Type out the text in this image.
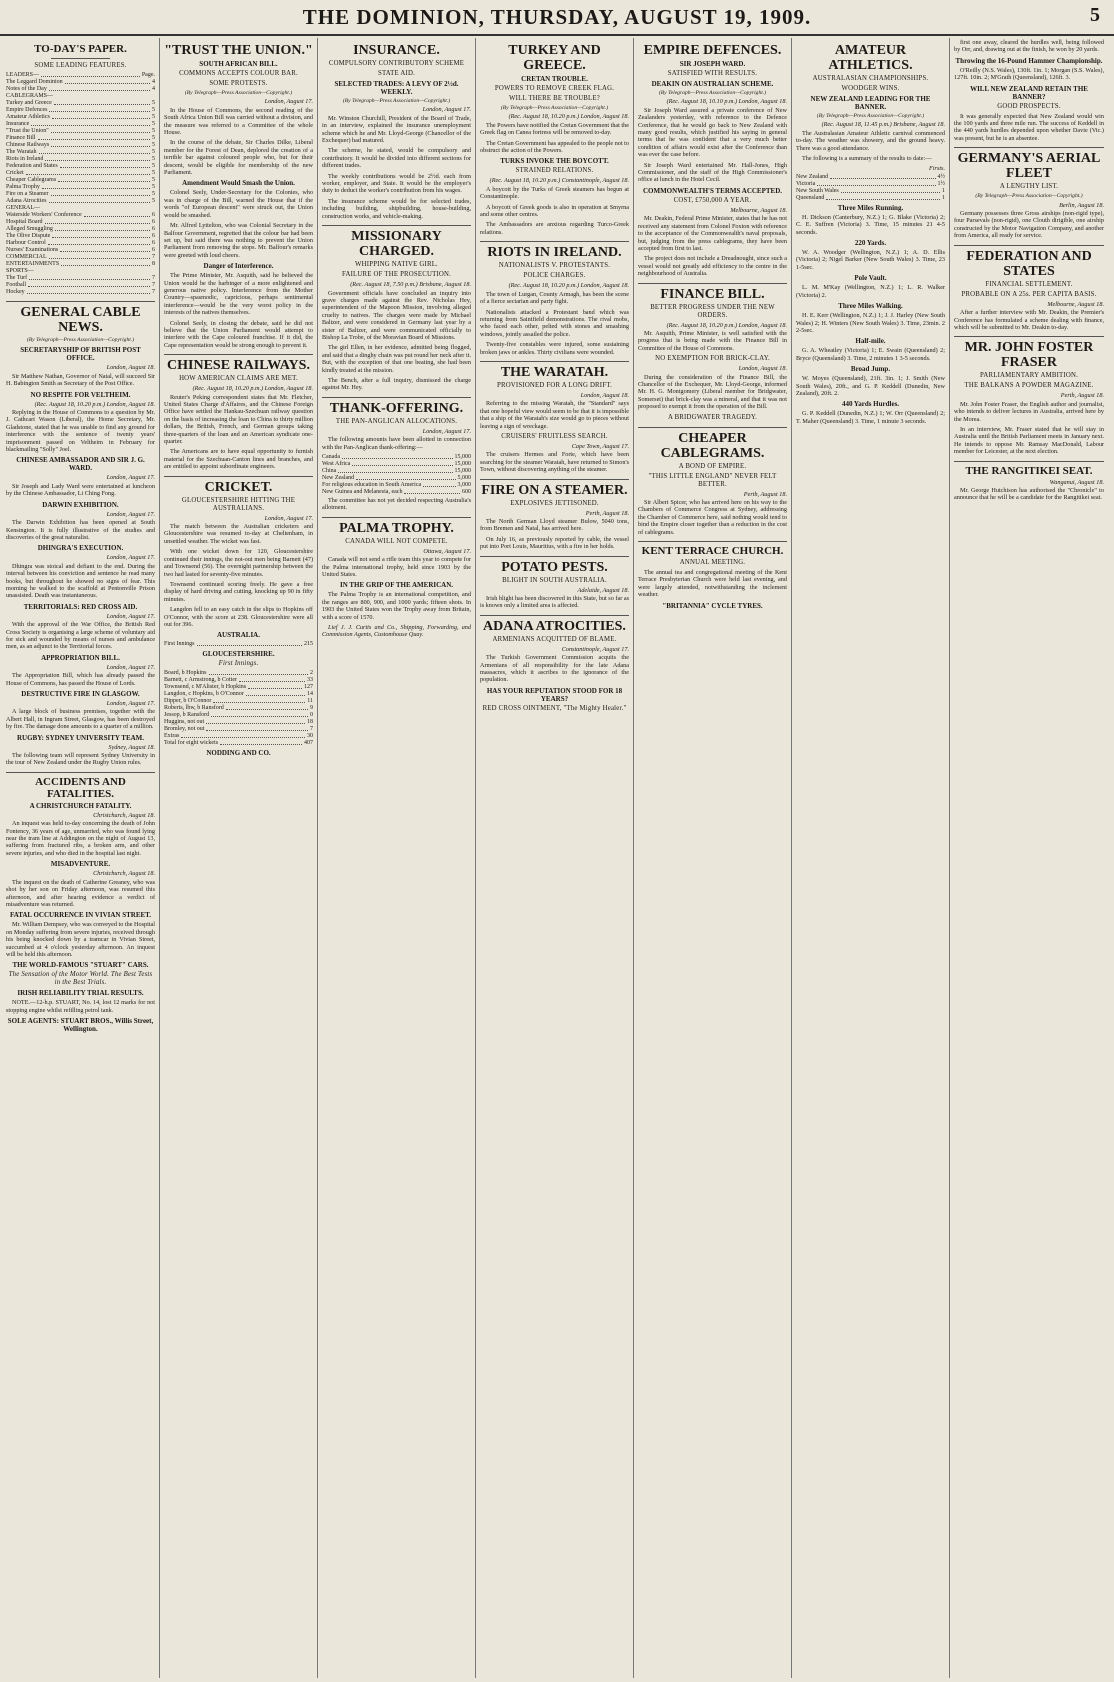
THE DOMINION, THURSDAY, AUGUST 19, 1909.	5
TO-DAY'S PAPER.
SOME LEADING FEATURES.
LEADERS—	Page.
The Leggard Dominion	4
Notes of the Day	4
CABLEGRAMS—
Turkey and Greece	5
Empire Defences	5
Amateur Athletics	5
Insurance	5
"Trust the Union"	5
Finance Bill	5
Chinese Railways	5
The Waratah	5
Riots in Ireland	5
Federation and States	5
Cricket	5
Cheaper Cablegrams	5
Palma Trophy	5
Fire on a Steamer	5
Adana Atrocities	5
GENERAL—
Waterside Workers' Conference	6
Hospital Board	6
Alleged Smuggling	6
The Olive Dispute	6
Harbour Control	6
Nurses' Examinations	6
COMMERCIAL	7
ENTERTAINMENTS	8
SPORTS—
The Turf	7
Football	7
Hockey	7
GENERAL CABLE NEWS.
(By Telegraph—Press Association—Copyright.)
SECRETARYSHIP OF BRITISH POST OFFICE.
London, August 18.
Sir Matthew Nathan, Governor of Natal, will succeed Sir H. Babington Smith as Secretary of the Post Office.
NO RESPITE FOR VELTHEIM.
(Rec. August 18, 10.20 p.m.) London, August 18.
Replying in the House of Commons to a question by Mr. J. Cathcart Wason (Liberal), the Home Secretary, Mr. Gladstone, stated that he was unable to find any ground for interference with the sentence of twenty years' imprisonment passed on Veltheim in February for blackmailing "Solly" Joel.
CHINESE AMBASSADOR AND SIR J. G. WARD.
London, August 17.
Sir Joseph and Lady Ward were entertained at luncheon by the Chinese Ambassador, Li Ching Fong.
DARWIN EXHIBITION.
London, August 17.
The Darwin Exhibition has been opened at South Kensington. It is fully illustrative of the studies and discoveries of the great naturalist.
DHINGRA'S EXECUTION.
London, August 17.
Dhingra was stoical and defiant to the end. During the interval between his conviction and sentence he read many books, but throughout he showed no signs of fear. This morning he walked to the scaffold at Pentonville Prison unassisted. Death was instantaneous.
TERRITORIALS: RED CROSS AID.
London, August 17.
With the approval of the War Office, the British Red Cross Society is organising a large scheme of voluntary aid for sick and wounded by means of nurses and ambulance men, as an adjunct to the Territorial forces.
APPROPRIATION BILL.
London, August 17.
The Appropriation Bill, which has already passed the House of Commons, has passed the House of Lords.
DESTRUCTIVE FIRE IN GLASGOW.
London, August 17.
A large block of business premises, together with the Albert Hall, in Ingram Street, Glasgow, has been destroyed by fire. The damage done amounts to a quarter of a million.
RUGBY: SYDNEY UNIVERSITY TEAM.
Sydney, August 18.
The following team will represent Sydney University in the tour of New Zealand under the Rugby Union rules.
ACCIDENTS AND FATALITIES.
A CHRISTCHURCH FATALITY.
Christchurch, August 18.
An inquest was held to-day concerning the death of John Fontency, 36 years of age, unmarried, who was found lying near the tram line at Addington on the night of August 13, suffering from fractured ribs, a broken arm, and other severe injuries, and who died in the hospital last night.
MISADVENTURE.
Christchurch, August 18.
The inquest on the death of Catherine Greaney, who was shot by her son on Friday afternoon, was resumed this afternoon, and after hearing evidence a verdict of misadventure was returned.
FATAL OCCURRENCE IN VIVIAN STREET.
Mr. William Dempsey, who was conveyed to the Hospital on Monday suffering from severe injuries, received through his being knocked down by a tramcar in Vivian Street, succumbed at 4 o'clock yesterday afternoon. An inquest will be held this afternoon.
THE WORLD-FAMOUS "STUART" CARS.
The Sensation of the Motor World. The Best Tests in the Best Trials.
IRISH RELIABILITY TRIAL RESULTS.
NOTE.—12-h.p. STUART, No. 14, lost 12 marks for not stopping engine whilst refilling petrol tank.
SOLE AGENTS: STUART BROS., Willis Street, Wellington.
"TRUST THE UNION."
SOUTH AFRICAN BILL.
COMMONS ACCEPTS COLOUR BAR.
SOME PROTESTS.
(By Telegraph—Press Association—Copyright.)
London, August 17.
In the House of Commons, the second reading of the South Africa Union Bill was carried without a division, and the measure was referred to a Committee of the whole House.
In the course of the debate, Sir Charles Dilke, Liberal member for the Forest of Dean, deplored the creation of a terrible bar against coloured people who, but for their descent, would be eligible for membership of the new Parliament.
Amendment Would Smash the Union.
Colonel Seely, Under-Secretary for the Colonies, who was in charge of the Bill, warned the House that if the words "of European descent" were struck out, the Union would be smashed.
Mr. Alfred Lyttelton, who was Colonial Secretary in the Balfour Government, regretted that the colour bar had been set up, but said there was nothing to prevent the Union Parliament from removing the stops. Mr. Balfour's remarks were greeted with loud cheers.
Danger of Interference.
The Prime Minister, Mr. Asquith, said he believed the Union would be the harbinger of a more enlightened and generous native policy. Interference from the Mother Country—spasmodic, capricious, perhaps sentimental interference—would be the very worst policy in the interests of the natives themselves.
Colonel Seely, in closing the debate, said he did not believe that the Union Parliament would attempt to interfere with the Cape coloured franchise. If it did, the Cape representation would be strong enough to prevent it.
CHINESE RAILWAYS.
HOW AMERICAN CLAIMS ARE MET.
(Rec. August 18, 10.20 p.m.) London, August 18.
Reuter's Peking correspondent states that Mr. Fletcher, United States Charge d'Affaires, and the Chinese Foreign Office have settled the Hankau-Szechuan railway question on the basis of increasing the loan to China to thirty million dollars, the British, French, and German groups taking three-quarters of the loan and an American syndicate one-quarter.
The Americans are to have equal opportunity to furnish material for the Szechuan-Canton lines and branches, and are entitled to appoint subordinate engineers.
CRICKET.
GLOUCESTERSHIRE HITTING THE AUSTRALIANS.
London, August 17.
The match between the Australian cricketers and Gloucestershire was resumed to-day at Cheltenham, in unsettled weather. The wicket was fast.
With one wicket down for 120, Gloucestershire continued their innings, the not-out men being Barnett (47) and Townsend (56). The overnight partnership between the two had lasted for seventy-five minutes.
Townsend continued scoring freely. He gave a free display of hard driving and cutting, knocking up 90 in fifty minutes.
Langdon fell to an easy catch in the slips to Hopkins off O'Connor, with the score at 238. Gloucestershire were all out for 396.
AUSTRALIA.
First Innings	215
GLOUCESTERSHIRE.
First Innings.
Board, b Hopkins	2
Barnett, c Armstrong, b Cotter	33
Townsend, c M'Alister, b Hopkins	127
Langdon, c Hopkins, b O'Connor	14
Dipper, b O'Connor	11
Roberts, lbw, b Ransford	9
Jessop, b Ransford	0
Huggins, not out	18
Bromley, not out	7
Extras	30
Total for eight wickets	407
NODDING AND CO.
INSURANCE.
COMPULSORY CONTRIBUTORY SCHEME
STATE AID.
SELECTED TRADES: A LEVY OF 2½d. WEEKLY.
(By Telegraph—Press Association—Copyright.)
London, August 17.
Mr. Winston Churchill, President of the Board of Trade, in an interview, explained the insurance unemployment scheme which he and Mr. Lloyd-George (Chancellor of the Exchequer) had matured.
The scheme, he stated, would be compulsory and contributory. It would be divided into different sections for different trades.
The weekly contributions would be 2½d. each from worker, employer, and State. It would be the employer's duty to deduct the worker's contribution from his wages.
The insurance scheme would be for selected trades, including building, shipbuilding, house-building, construction works, and vehicle-making.
MISSIONARY CHARGED.
WHIPPING NATIVE GIRL.
FAILURE OF THE PROSECUTION.
(Rec. August 18, 7.50 p.m.) Brisbane, August 18.
Government officials have concluded an inquiry into grave charges made against the Rev. Nicholas Hey, superintendent of the Mapoon Mission, involving alleged cruelty to natives. The charges were made by Michael Baltzer, and were considered in Germany last year by a sister of Baltzer, and were communicated officially to Bishop La Trobe, of the Moravian Board of Missions.
The girl Ellen, in her evidence, admitted being flogged, and said that a dinghy chain was put round her neck after it. But, with the exception of that one beating, she had been kindly treated at the mission.
The Bench, after a full inquiry, dismissed the charge against Mr. Hey.
THANK-OFFERING.
THE PAN-ANGLICAN ALLOCATIONS.
London, August 17.
The following amounts have been allotted in connection with the Pan-Anglican thank-offering:—
Canada	15,000
West Africa	15,000
China	15,000
New Zealand	5,000
For religious education in South America	3,000
New Guinea and Melanesia, each	600
The committee has not yet decided respecting Australia's allotment.
PALMA TROPHY.
CANADA WILL NOT COMPETE.
Ottawa, August 17.
Canada will not send a rifle team this year to compete for the Palma international trophy, held since 1903 by the United States.
IN THE GRIP OF THE AMERICAN.
The Palma Trophy is an international competition, and the ranges are 800, 900, and 1000 yards; fifteen shots. In 1903 the United States won the Trophy away from Britain, with a score of 1570.
Lief J. J. Curtis and Co., Shipping, Forwarding, and Commission Agents, Customhouse Quay.
TURKEY AND GREECE.
CRETAN TROUBLE.
POWERS TO REMOVE CREEK FLAG.
WILL THERE BE TROUBLE?
(By Telegraph—Press Association—Copyright.)
(Rec. August 18, 10.20 p.m.) London, August 18.
The Powers have notified the Cretan Government that the Greek flag on Canea fortress will be removed to-day.
The Cretan Government has appealed to the people not to obstruct the action of the Powers.
TURKS INVOKE THE BOYCOTT.
STRAINED RELATIONS.
(Rec. August 18, 10.20 p.m.) Constantinople, August 18.
A boycott by the Turks of Greek steamers has begun at Constantinople.
A boycott of Greek goods is also in operation at Smyrna and some other centres.
The Ambassadors are anxious regarding Turco-Greek relations.
RIOTS IN IRELAND.
NATIONALISTS V. PROTESTANTS.
POLICE CHARGES.
(Rec. August 18, 10.20 p.m.) London, August 18.
The town of Lurgan, County Armagh, has been the scene of a fierce sectarian and party fight.
Nationalists attacked a Protestant band which was returning from Saintfield demonstrations. The rival mobs, who faced each other, pelted with stones and smashing windows, jointly assailed the police.
Twenty-five constables were injured, some sustaining broken jaws or ankles. Thirty civilians were wounded.
THE WARATAH.
PROVISIONED FOR A LONG DRIFT.
London, August 18.
Referring to the missing Waratah, the "Standard" says that one hopeful view would seem to be that it is impossible that a ship of the Waratah's size would go to pieces without leaving a sign of wreckage.
CRUISERS' FRUITLESS SEARCH.
Cape Town, August 17.
The cruisers Hermes and Forte, which have been searching for the steamer Waratah, have returned to Simon's Town, without discovering anything of the steamer.
FIRE ON A STEAMER.
EXPLOSIVES JETTISONED.
Perth, August 18.
The North German Lloyd steamer Bulow, 5040 tons, from Bremen and Natal, has arrived here.
On July 16, as previously reported by cable, the vessel put into Port Louis, Mauritius, with a fire in her holds.
POTATO PESTS.
BLIGHT IN SOUTH AUSTRALIA.
Adelaide, August 18.
Irish blight has been discovered in this State, but so far as is known only a limited area is affected.
ADANA ATROCITIES.
ARMENIANS ACQUITTED OF BLAME.
Constantinople, August 17.
The Turkish Government Commission acquits the Armenians of all responsibility for the late Adana massacres, which it ascribes to the ignorance of the population.
HAS YOUR REPUTATION STOOD FOR 18 YEARS?
RED CROSS OINTMENT, "The Mighty Healer."
EMPIRE DEFENCES.
SIR JOSEPH WARD.
SATISFIED WITH RESULTS.
DEAKIN ON AUSTRALIAN SCHEME.
(By Telegraph—Press Association—Copyright.)
(Rec. August 18, 10.10 p.m.) London, August 18.
Sir Joseph Ward assured a private conference of New Zealanders yesterday, with reference to the Defence Conference, that he would go back to New Zealand with many good results, which justified his saying in general terms that he was confident that a very much better condition of affairs would exist after the Conference than was ever the case before.
Sir Joseph Ward entertained Mr. Hall-Jones, High Commissioner, and the staff of the High Commissioner's office at lunch in the Hotel Cecil.
COMMONWEALTH'S TERMS ACCEPTED.
COST, £750,000 A YEAR.
Melbourne, August 18.
Mr. Deakin, Federal Prime Minister, states that he has not received any statement from Colonel Foxton with reference to the acceptance of the Commonwealth's naval proposals, but, judging from the press cablegrams, they have been accepted from first to last.
The project does not include a Dreadnought, since such a vessel would not greatly add efficiency to the centre in the neighbourhood of Australia.
FINANCE BILL.
BETTER PROGRESS UNDER THE NEW ORDERS.
(Rec. August 18, 10.20 p.m.) London, August 18.
Mr. Asquith, Prime Minister, is well satisfied with the progress that is being made with the Finance Bill in Committee of the House of Commons.
NO EXEMPTION FOR BRICK-CLAY.
London, August 18.
During the consideration of the Finance Bill, the Chancellor of the Exchequer, Mr. Lloyd-George, informed Mr. H. G. Montgomery (Liberal member for Bridgwater, Somerset) that brick-clay was a mineral, and that it was not proposed to exempt it from the operation of the Bill.
A BRIDGWATER TRAGEDY.
CHEAPER CABLEGRAMS.
A BOND OF EMPIRE.
"THIS LITTLE ENGLAND" NEVER FELT BETTER.
Perth, August 18.
Sir Albert Spicer, who has arrived here on his way to the Chambers of Commerce Congress at Sydney, addressing the Chamber of Commerce here, said nothing would tend to bind the Empire closer together than a reduction in the cost of cablegrams.
KENT TERRACE CHURCH.
ANNUAL MEETING.
The annual tea and congregational meeting of the Kent Terrace Presbyterian Church were held last evening, and were largely attended, notwithstanding the inclement weather.
"BRITANNIA" CYCLE TYRES.
AMATEUR ATHLETICS.
AUSTRALASIAN CHAMPIONSHIPS.
WOODGER WINS.
NEW ZEALAND LEADING FOR THE BANNER.
(By Telegraph—Press Association—Copyright.)
(Rec. August 18, 11.45 p.m.) Brisbane, August 18.
The Australasian Amateur Athletic carnival commenced to-day. The weather was showery, and the ground heavy. There was a good attendance.
The following is a summary of the results to date:—
Firsts.
New Zealand	4½
Victoria	1½
New South Wales	1
Queensland	1
Three Miles Running.
H. Dickson (Canterbury, N.Z.) 1; G. Blake (Victoria) 2; C. E. Suffren (Victoria) 3. Time, 15 minutes 21 4-5 seconds.
220 Yards.
W. A. Woodger (Wellington, N.Z.) 1; A. D. Ellis (Victoria) 2; Nigel Barker (New South Wales) 3. Time, 23 1-5sec.
Pole Vault.
L. M. M'Kay (Wellington, N.Z.) 1; L. R. Walker (Victoria) 2.
Three Miles Walking.
H. E. Kerr (Wellington, N.Z.) 1; J. J. Harley (New South Wales) 2; H. Winters (New South Wales) 3. Time, 23min. 2 2-5sec.
Half-mile.
G. A. Wheatley (Victoria) 1; E. Swain (Queensland) 2; Bryce (Queensland) 3. Time, 2 minutes 1 3-5 seconds.
Broad Jump.
W. Moyes (Queensland), 21ft. 3in. 1; J. Smith (New South Wales), 20ft., and G. P. Keddell (Dunedin, New Zealand), 20ft. 2.
440 Yards Hurdles.
G. P. Keddell (Dunedin, N.Z.) 1; W. Orr (Queensland) 2; T. Maher (Queensland) 3. Time, 1 minute 3 seconds.
first one away, cleared the hurdles well, being followed by Orr, and, drawing out at the finish, he won by 20 yards.
Throwing the 16-Pound Hammer Championship.
O'Reilly (N.S. Wales), 130ft. 1in. 1; Morgan (S.S. Wales), 127ft. 10in. 2; M'Grath (Queensland), 126ft. 3.
WILL NEW ZEALAND RETAIN THE BANNER?
GOOD PROSPECTS.
It was generally expected that New Zealand would win the 100 yards and three mile run. The success of Keddell in the 440 yards hurdles depended upon whether Davie (Vic.) was present, but he is an absentee.
GERMANY'S AERIAL FLEET
A LENGTHY LIST.
(By Telegraph—Press Association—Copyright.)
Berlin, August 18.
Germany possesses three Gross airships (non-rigid type), four Parsevals (non-rigid), one Clouth dirigible, one airship constructed by the Motor Navigation Company, and another from America, all ready for service.
FEDERATION AND STATES
FINANCIAL SETTLEMENT.
PROBABLE ON A 25s. PER CAPITA BASIS.
Melbourne, August 18.
After a further interview with Mr. Deakin, the Premier's Conference has formulated a scheme dealing with finance, which will be submitted to Mr. Deakin to-day.
MR. JOHN FOSTER FRASER
PARLIAMENTARY AMBITION.
THE BALKANS A POWDER MAGAZINE.
Perth, August 18.
Mr. John Foster Fraser, the English author and journalist, who intends to deliver lectures in Australia, arrived here by the Morea.
In an interview, Mr. Fraser stated that he will stay in Australia until the British Parliament meets in January next. He intends to oppose Mr. Ramsay MacDonald, Labour member for Leicester, at the next election.
THE RANGITIKEI SEAT.
Wanganui, August 18.
Mr. George Hutchison has authorised the "Chronicle" to announce that he will be a candidate for the Rangitikei seat.
